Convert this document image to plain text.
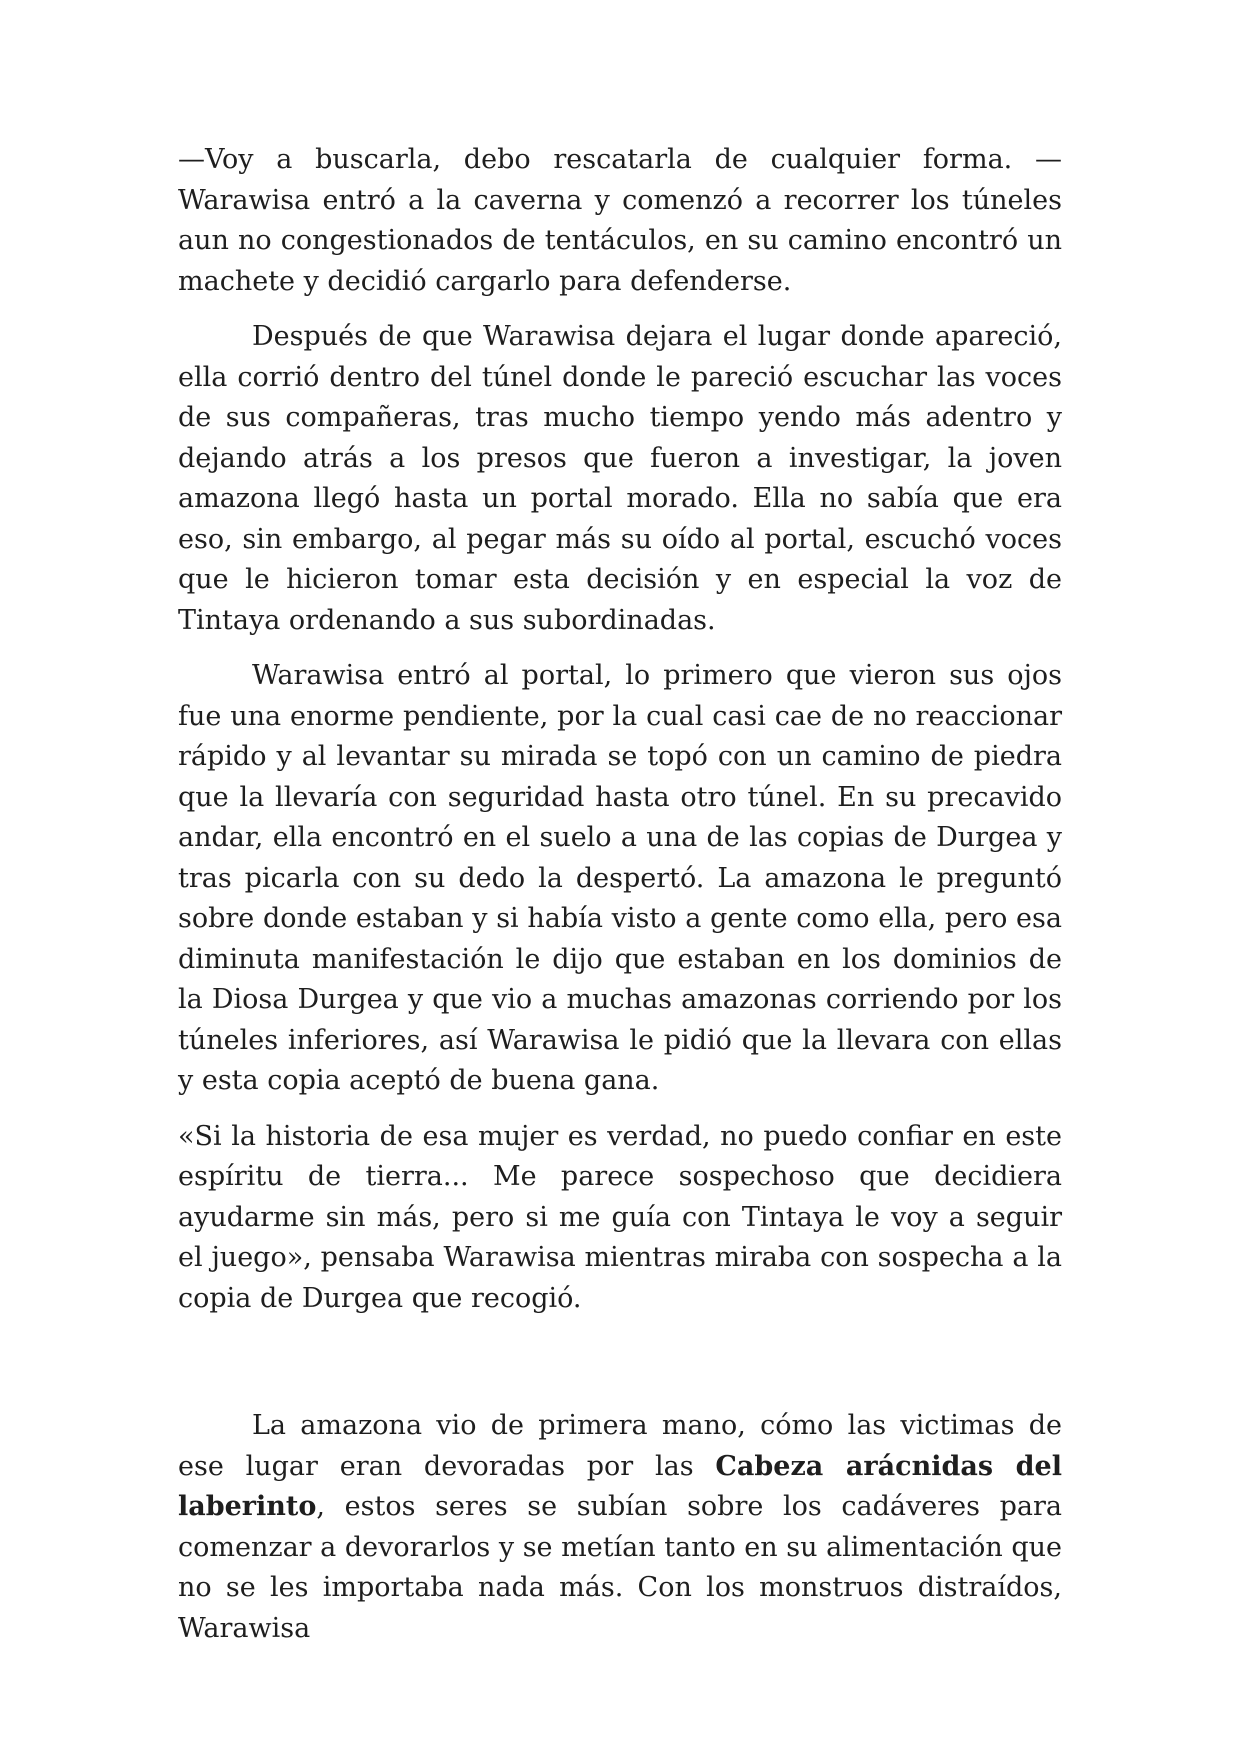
—Voy a buscarla, debo rescatarla de cualquier forma. —Warawisa entró a la caverna y comenzó a recorrer los túneles aun no congestionados de tentáculos, en su camino encontró un machete y decidió cargarlo para defenderse.

Después de que Warawisa dejara el lugar donde apareció, ella corrió dentro del túnel donde le pareció escuchar las voces de sus compañeras, tras mucho tiempo yendo más adentro y dejando atrás a los presos que fueron a investigar, la joven amazona llegó hasta un portal morado. Ella no sabía que era eso, sin embargo, al pegar más su oído al portal, escuchó voces que le hicieron tomar esta decisión y en especial la voz de Tintaya ordenando a sus subordinadas.

Warawisa entró al portal, lo primero que vieron sus ojos fue una enorme pendiente, por la cual casi cae de no reaccionar rápido y al levantar su mirada se topó con un camino de piedra que la llevaría con seguridad hasta otro túnel. En su precavido andar, ella encontró en el suelo a una de las copias de Durgea y tras picarla con su dedo la despertó. La amazona le preguntó sobre donde estaban y si había visto a gente como ella, pero esa diminuta manifestación le dijo que estaban en los dominios de la Diosa Durgea y que vio a muchas amazonas corriendo por los túneles inferiores, así Warawisa le pidió que la llevara con ellas y esta copia aceptó de buena gana.

«Si la historia de esa mujer es verdad, no puedo confiar en este espíritu de tierra... Me parece sospechoso que decidiera ayudarme sin más, pero si me guía con Tintaya le voy a seguir el juego», pensaba Warawisa mientras miraba con sospecha a la copia de Durgea que recogió.

La amazona vio de primera mano, cómo las victimas de ese lugar eran devoradas por las Cabeza arácnidas del laberinto, estos seres se subían sobre los cadáveres para comenzar a devorarlos y se metían tanto en su alimentación que no se les importaba nada más. Con los monstruos distraídos, Warawisa
